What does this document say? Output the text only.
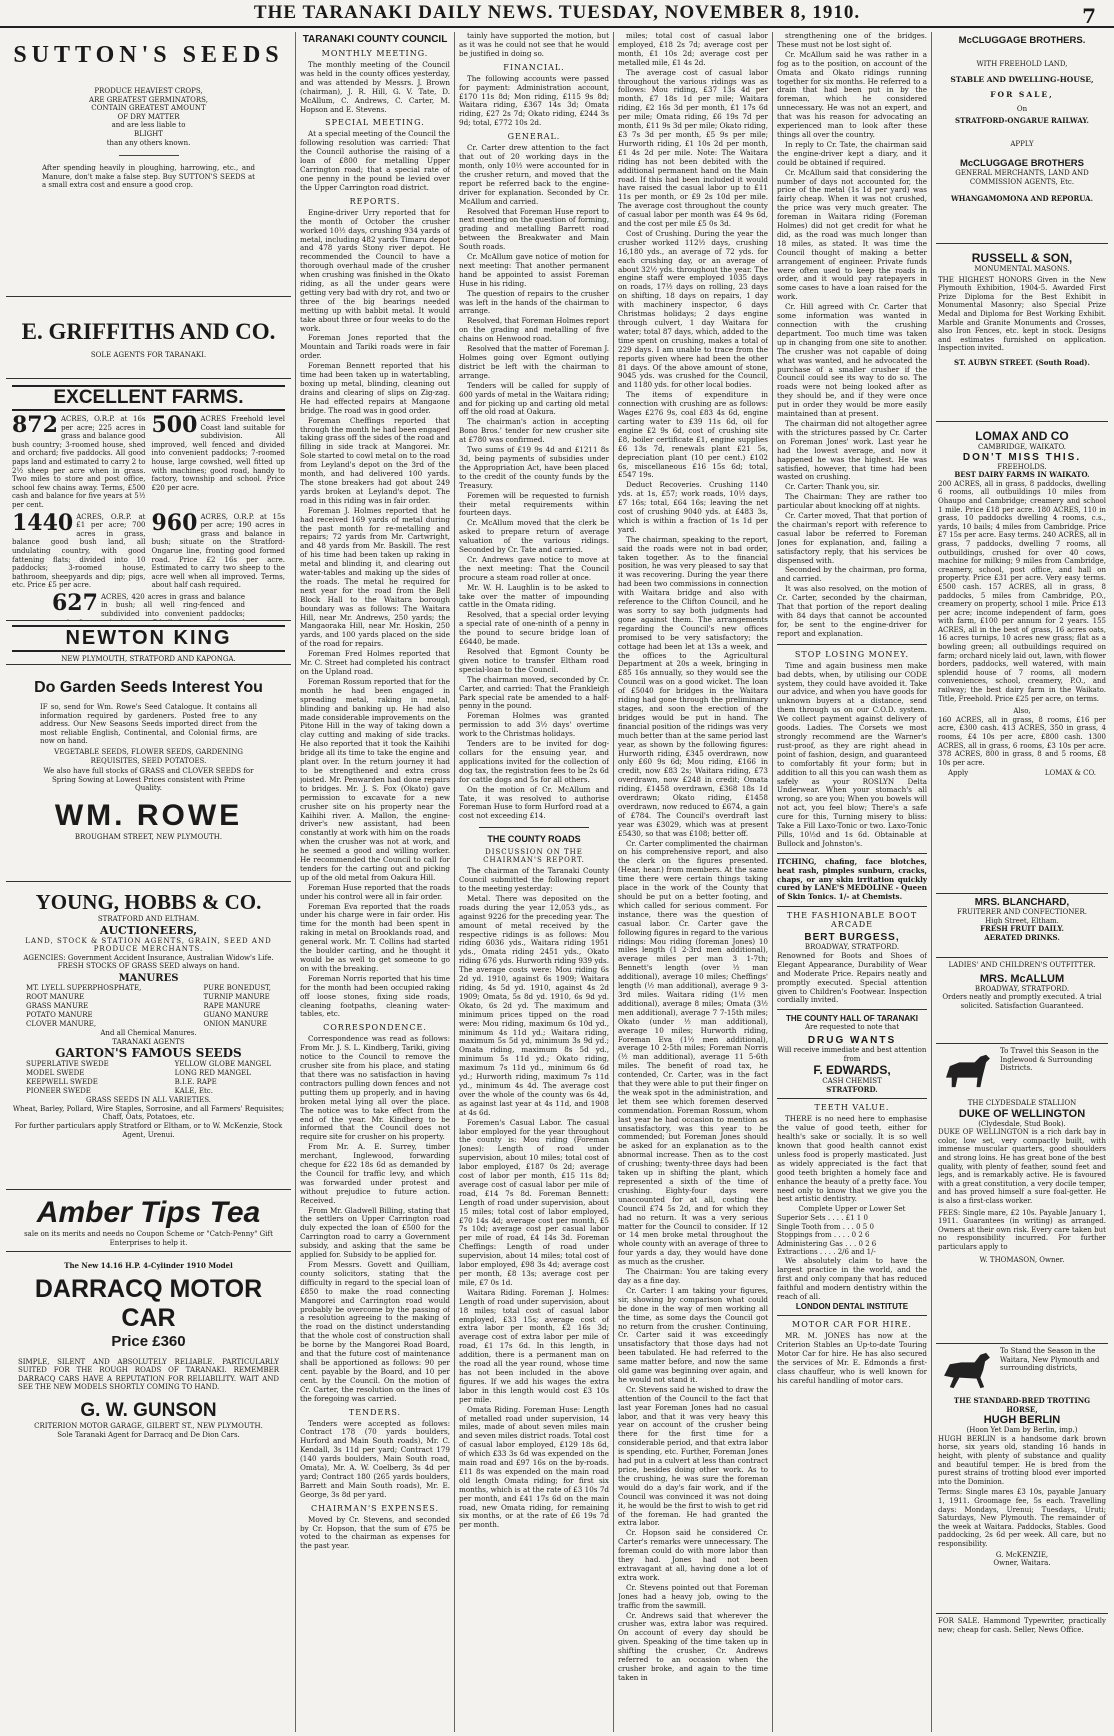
THE TARANAKI DAILY NEWS. TUESDAY, NOVEMBER 8, 1910.	7
SUTTON'S SEEDS
PRODUCE HEAVIEST CROPS,
ARE GREATEST GERMINATORS,
CONTAIN GREATEST AMOUNT
OF DRY MATTER
and are less liable to
BLIGHT
than any others known.
After spending heavily in ploughing, harrowing, etc., and Manure, don't make a false step. Buy SUTTON'S SEEDS at a small extra cost and ensure a good crop.
E. GRIFFITHS AND CO.
SOLE AGENTS FOR TARANAKI.
EXCELLENT FARMS.
872 ACRES, O.R.P. at 16s per acre; 225 acres in grass and balance good bush country; 3-roomed house, shed and orchard; five paddocks. All good paps land and estimated to carry 2 to 2½ sheep per acre when in grass. Two miles to store and post office, school few chains away. Terms, £500 cash and balance for five years at 5½ per cent.
500 ACRES Freehold level Coast land suitable for subdivision. All improved, well fenced and divided into convenient paddocks; 7-roomed house, large cowshed, well fitted up with machines; good road, handy to factory, township and school. Price £20 per acre.
1440 ACRES, O.R.P. at £1 per acre; 700 acres in grass, balance good bush land, all undulating country, with good fattening flats; divided into 10 paddocks; 3-roomed house, bathroom, sheepyards and dip; pigs, etc. Price £5 per acre.
960 ACRES, O.R.P. at 15s per acre; 190 acres in grass and balance in bush; situate on the Stratford-Ongarue line, fronting good formed road. Price £2 16s per acre. Estimated to carry two sheep to the acre well when all improved. Terms, about half cash required.
627 ACRES, 420 acres in grass and balance in bush; all well ring-fenced and subdivided into convenient paddocks;
NEWTON KING
NEW PLYMOUTH, STRATFORD AND KAPONGA.
Do Garden Seeds Interest You
IF so, send for Wm. Rowe's Seed Catalogue. It contains all information required by gardeners. Posted free to any address. Our New Seasons Seeds imported direct from the most reliable English, Continental, and Colonial firms, are now on hand.
VEGETABLE SEEDS, FLOWER SEEDS, GARDENING REQUISITES, SEED POTATOES.
We also have full stocks of GRASS and CLOVER SEEDS for Spring Sowing at Lowest Prices consistent with Prime Quality.
WM. ROWE
BROUGHAM STREET, NEW PLYMOUTH.
YOUNG, HOBBS & CO.
STRATFORD AND ELTHAM.
AUCTIONEERS,
LAND, STOCK & STATION AGENTS, GRAIN, SEED AND PRODUCE MERCHANTS.
AGENCIES: Government Accident Insurance, Australian Widow's Life.
FRESH STOCKS OF GRASS SEED always on hand.
MANURES
MT. LYELL SUPERPHOSPHATE,
ROOT MANURE
GRASS MANURE
POTATO MANURE
CLOVER MANURE,
PURE BONEDUST,
TURNIP MANURE
RAPE MANURE
GUANO MANURE
ONION MANURE
And all Chemical Manures.
TARANAKI AGENTS
GARTON'S FAMOUS SEEDS
SUPERLATIVE SWEDE
MODEL SWEDE
KEEPWELL SWEDE
PIONEER SWEDE
YELLOW GLOBE MANGEL
LONG RED MANGEL
B.I.E. RAPE
KALE, Etc.
GRASS SEEDS IN ALL VARIETIES.
Wheat, Barley, Pollard, Wire Staples, Sorrosine, and all Farmers' Requisites; Chaff, Oats, Potatoes, etc.
For further particulars apply Stratford or Eltham, or to W. McKenzie, Stock Agent, Urenui.
Amber Tips Tea
sale on its merits and needs no Coupon Scheme or "Catch-Penny" Gift Enterprises to help it.
The New 14.16 H.P. 4-Cylinder 1910 Model
DARRACQ MOTOR CAR
Price £360
SIMPLE, SILENT AND ABSOLUTELY RELIABLE. PARTICULARLY SUITED FOR THE ROUGH ROADS OF TARANAKI. REMEMBER DARRACQ CARS HAVE A REPUTATION FOR RELIABILITY. WAIT AND SEE THE NEW MODELS SHORTLY COMING TO HAND.
G. W. GUNSON
CRITERION MOTOR GARAGE, GILBERT ST., NEW PLYMOUTH.
Sole Taranaki Agent for Darracq and De Dion Cars.
TARANAKI COUNTY COUNCIL
MONTHLY MEETING.

The monthly meeting of the Council was held in the county offices yesterday, and was attended by Messrs. J. Brown (chairman), J. R. Hill, G. V. Tate, D. McAllum, C. Andrews, C. Carter, M. Hopson and E. Stevens.

SPECIAL MEETING.

At a special meeting of the Council the following resolution was carried: That the Council authorise the raising of a loan of £800 for metalling Upper Carrington road; that a special rate of one penny in the pound be levied over the Upper Carrington road district.

REPORTS.

Engine-driver Urry reported that for the month of October the crusher worked 10½ days, crushing 934 yards of metal, including 482 yards Timaru depot and 478 yards Stony river depot. He recommended the Council to have a thorough overhaul made of the crusher when crushing was finished in the Okato riding, as all the under gears were getting very bad with dry rot, and two or three of the big bearings needed metting up with babbit metal. It would take about three or four weeks to do the work.

Foreman Jones reported that the Mountain and Tariki roads were in fair order.

Foreman Bennett reported that his time had been taken up in watertabling, boxing up metal, blinding, cleaning out drains and clearing of slips on Zig-zag. He had effected repairs at Mangaone bridge. The road was in good order.

Foreman Cheffings reported that through the month he had been engaged taking grass off the sides of the road and filling in side track at Mangorei. Mr. Sole started to cowl metal on to the road from Leyland's depot on the 3rd of the month, and had delivered 100 yards. The stone breakers had got about 249 yards broken at Leyland's depot. The road in this riding was in fair order.

Foreman J. Holmes reported that he had received 169 yards of metal during the past month for re-metalling and repairs; 72 yards from Mr. Cartwright, and 48 yards from Mr. Baskill. The rest of his time had been taken up raking in metal and blinding it, and clearing out water-tables and making up the sides of the roads. The metal he required for next year for the road from the Bell Block Hall to the Waitara borough boundary was as follows: The Waitara Hill, near Mr. Andrews, 250 yards; the Mangaoraka Hill, near Mr. Hoskin, 250 yards, and 100 yards placed on the side of the road for repairs.

Foreman Fred Holmes reported that Mr. C. Street had completed his contract on the Upland road.

Foreman Rossum reported that for the month he had been engaged in spreading metal, raking in metal, blinding and banking up. He had also made considerable improvements on the Pitone Hill in the way of taking down a clay cutting and making of side tracks. He also reported that it took the Kaihihi bridge all its time to take the engine and plant over. In the return journey it had to be strengthened and extra cross joisted. Mr. Penwarden had done repairs to bridges. Mr. J. S. Fox (Okato) gave permission to excavate for a new crusher site on his property near the Kaihihi river. A. Mallon, the engine-driver's new assistant, had been constantly at work with him on the roads when the crusher was not at work, and he seemed a good and willing worker. He recommended the Council to call for tenders for the carting out and picking up of the old metal from Oakura Hill.

Foreman Huse reported that the roads under his control were all in fair order.

Foreman Eva reported that the roads under his charge were in fair order. His time for the month had been spent in raking in metal on Brooklands road, and general work. Mr. T. Collins had started the boulder carting, and he thought it would be as well to get someone to go on with the breaking.

Foreman Norris reported that his time for the month had been occupied raking off loose stones, fixing side roads, cleaning footpaths, cleaning water-tables, etc.

CORRESPONDENCE.

Correspondence was read as follows: From Mr. J. S. L. Kindberg, Tariki, giving notice to the Council to remove the crusher site from his place, and stating that there was no satisfaction in having contractors pulling down fences and not putting them up properly, and in having broken metal lying all over the place. The notice was to take effect from the end of the year. Mr. Kindberg to be informed that the Council does not require site for crusher on his property.

From Mr. A. E. Surrey, timber merchant, Inglewood, forwarding cheque for £22 18s 6d as demanded by the Council for traffic levy, and which was forwarded under protest and without prejudice to future action. Received.

From Mr. Gladwell Billing, stating that the settlers on Upper Carrington road duly expected the loan of £500 for the Carrington road to carry a Government subsidy, and asking that the same be applied for. Subsidy to be applied for.

From Messrs. Govett and Quilliam, county solicitors, stating that the difficulty in regard to the special loan of £850 to make the road connecting Mangorei and Carrington road would probably be overcome by the passing of a resolution agreeing to the making of the road on the distinct understanding that the whole cost of construction shall be borne by the Mangorei Road Board, and that the future cost of maintenance shall be apportioned as follows: 90 per cent. payable by the Board, and 10 per cent. by the Council. On the motion of Cr. Carter, the resolution on the lines of the foregoing was carried.

TENDERS.

Tenders were accepted as follows: Contract 178 (70 yards boulders, Hurford and Main South roads), Mr. C. Kendall, 3s 11d per yard; Contract 179 (140 yards boulders, Main South road, Omata), Mr. A. W. Coelberg, 3s 4d per yard; Contract 180 (265 yards boulders, Barrett and Main South roads), Mr. E. George, 3s 8d per yard.

CHAIRMAN'S EXPENSES.

Moved by Cr. Stevens, and seconded by Cr. Hopson, that the sum of £75 be voted to the chairman as expenses for the past year.

tainly have supported the motion, but as it was he could not see that he would be justified in doing so.

FINANCIAL.

The following accounts were passed for payment: Administration account, £170 11s 8d; Mon riding, £115 9s 8d; Waitara riding, £367 14s 3d; Omata riding, £27 2s 7d; Okato riding, £244 3s 9d; total, £772 10s 2d.

GENERAL.

Cr. Carter drew attention to the fact that out of 20 working days in the month, only 10½ were accounted for in the crusher return, and moved that the report be referred back to the engine-driver for explanation. Seconded by Cr. McAllum and carried.

Resolved that Foreman Huse report to next meeting on the question of forming, grading and metalling Barrett road between the Breakwater and Main South roads.

Cr. McAllum gave notice of motion for next meeting: That another permanent hand be appointed to assist Foreman Huse in his riding.

The question of repairs to the crusher was left in the hands of the chairman to arrange.

Resolved, that Foreman Holmes report on the grading and metalling of five chains on Henwood road.

Resolved that the matter of Foreman J. Holmes going over Egmont outlying district be left with the chairman to arrange.

Tenders will be called for supply of 600 yards of metal in the Waitara riding; and for picking up and carting old metal off the old road at Oakura.

The chairman's action in accepting Bono Bros.' tender for new crusher site at £780 was confirmed.

Two sums of £19 9s 4d and £1211 8s 3d, being payments of subsidies under the Appropriation Act, have been placed to the credit of the county funds by the Treasury.

Foremen will be requested to furnish their metal requirements within fourteen days.

Cr. McAllum moved that the clerk be asked to prepare return of average valuation of the various ridings. Seconded by Cr. Tate and carried.

Cr. Andrews gave notice to move at the next meeting: That the Council procure a steam road roller at once.

Mr. W. H. Laughlin is to be asked to take over the matter of impounding cattle in the Omata riding.

Resolved, that a special order levying a special rate of one-ninth of a penny in the pound to secure bridge loan of £6440, be made.

Resolved that Egmont County be given notice to transfer Eltham road special-loan to the Council.

The chairman moved, seconded by Cr. Carter, and carried: That the Frankleigh Park special rate be amended to a half-penny in the pound.

Foreman Holmes was granted permission to add 3½ days' overtime work to the Christmas holidays.

Tenders are to be invited for dog-collars for the ensuing year, and applications invited for the collection of dog tax, the registration fees to be 2s 6d for cattle dogs and 5s for all others.

On the motion of Cr. McAllum and Tate, it was resolved to authorise Foreman Huse to form Hurford road at a cost not exceeding £14.

THE COUNTY ROADS
DISCUSSION ON THE CHAIRMAN'S REPORT.

The chairman of the Taranaki County Council submitted the following report to the meeting yesterday:

Metal. There was deposited on the roads during the year 12,053 yds., as against 9226 for the preceding year. The amount of metal received by the respective ridings is as follows: Mou riding 6036 yds., Waitara riding 1951 yds., Omata riding 2451 yds., Okato riding 676 yds. Hurworth riding 939 yds. The average costs were: Mou riding 6s 2d yd. 1910, against 6s 1909; Waitara riding, 4s 5d yd. 1910, against 4s 2d 1909; Omata, 5s 8d yd. 1910, 6s 9d yd. Okato, 6s 2d yd. The maximum and minimum prices tipped on the road were: Mou riding, maximum 6s 10d yd., minimum 4s 11d yd.; Waitara riding, maximum 5s 5d yd, minimum 3s 9d yd.; Omata riding, maximum 8s 5d yd., minimum 5s 11d yd.; Okato riding, maximum 7s 11d yd., minimum 6s 6d yd.; Hurworth riding, maximum 7s 11d yd., minimum 4s 4d. The average cost over the whole of the county was 6s 4d, as against last year at 4s 11d, and 1908 at 4s 6d.

Foremen's Casual Labor. The casual labor employed for the year throughout the county is: Mou riding (Foreman Jones): Length of road under supervision, about 10 miles; total cost of labor employed, £187 0s 2d; average cost of labor per month, £15 11s 8d; average cost of casual labor per mile of road, £14 7s 8d. Foreman Bennett: Length of road under supervision, about 15 miles; total cost of labor employed, £70 14s 4d; average cost per month, £5 7s 10d; average cost per casual labor per mile of road, £4 14s 3d. Foreman Cheffings: Length of road under supervision, about 14 miles; total cost of labor employed, £98 3s 4d; average cost per month, £8 13s; average cost per mile, £7 0s 1d.

Waitara Riding. Foreman J. Holmes: Length of road under supervision, about 18 miles; total cost of casual labor employed, £33 15s; average cost of extra labor per month, £2 16s 3d; average cost of extra labor per mile of road, £1 17s 6d. In this length, in addition, there is a permanent man on the road all the year round, whose time has not been included in the above figures. If we add his wages the extra labor in this length would cost £3 10s per mile.

Omata Riding. Foreman Huse: Length of metalled road under supervision, 14 miles, made of about seven miles main and seven miles district roads. Total cost of casual labor employed, £129 18s 6d, of which £33 3s 6d was expended on the main road and £97 16s on the by-roads. £11 8s was expended on the main road old length Omata riding; for first six months, which is at the rate of £3 10s 7d per month, and £41 17s 6d on the main road, new Omata riding, for remaining six months, or at the rate of £6 19s 7d per month.

miles; total cost of casual labor employed, £18 2s 7d; average cost per month, £1 10s 2d; average cost per metalled mile, £1 4s 2d.

The average cost of casual labor throughout the various ridings was as follows: Mou riding, £37 13s 4d per month, £7 18s 1d per mile; Waitara riding, £2 16s 3d per month, £1 17s 6d per mile; Omata riding, £6 19s 7d per month, £11 9s 3d per mile; Okato riding, £3 7s 3d per month, £5 9s per mile; Hurworth riding, £1 10s 2d per month, £1 4s 2d per mile. Note: The Waitara riding has not been debited with the additional permanent hand on the Main road. If this had been included it would have raised the casual labor up to £11 11s per month, or £9 2s 10d per mile. The average cost throughout the county of casual labor per month was £4 9s 6d, and the cost per mile £5 0s 3d.

Cost of Crushing. During the year the crusher worked 112½ days, crushing 16,180 yds., an average of 72 yds. for each crushing day, or an average of about 32½ yds. throughout the year. The engine staff were employed 1035 days on roads, 17½ days on rolling, 23 days on shifting, 18 days on repairs, 1 day with machinery inspector, 6 days Christmas holidays; 2 days engine through culvert, 1 day Waitara for water; total 87 days, which, added to the time spent on crushing, makes a total of 229 days. I am unable to trace from the reports given where had been the other 81 days. Of the above amount of stone, 9045 yds. was crushed for the Council, and 1180 yds. for other local bodies.

The items of expenditure in connection with crushing are as follows: Wages £276 9s, coal £83 4s 6d, engine carting water to £39 11s 6d, oil for engine £2 9s 6d, cost of crushing site £8, boiler certificate £1, engine supplies £6 13s 7d, renewals plant £21 5s, depreciation plant (10 per cent.) £102 6s, miscellaneous £16 15s 6d; total, £547 19s.

Deduct Recoveries. Crushing 1140 yds. at 1s, £57; work roads, 10½ days, £7 16s; total, £64 16s; leaving the net cost of crushing 9040 yds. at £483 3s, which is within a fraction of 1s 1d per yard.

The chairman, speaking to the report, said the roads were not in bad order, taken together. As to the financial position, he was very pleased to say that it was recovering. During the year there had been two commissions in connection with Waitara bridge and also with reference to the Clifton Council, and he was sorry to say both judgments had gone against them. The arrangements regarding the Council's new offices promised to be very satisfactory; the cottage had been let at 13s a week, and the offices to the Agricultural Department at 20s a week, bringing in £85 16s annually, so they would see the Council was on a good wicket. The loan of £5040 for bridges in the Waitara riding had gone through the preliminary stages, and soon the erection of the bridges would be put in hand. The financial position of the ridings was very much better than at the same period last year, as shown by the following figures: Hurworth riding, £345 overdrawn, now only £60 9s 6d; Mou riding, £166 in credit, now £83 2s; Waitara riding, £73 overdrawn, now £248 in credit; Omata riding, £1458 overdrawn, £368 18s 1d overdrawn; Okato riding, £1458 overdrawn, now reduced to £674, a gain of £784. The Council's overdraft last year was £3029, which was at present £5430, so that was £108; better off.

Cr. Carter complimented the chairman on his comprehensive report, and also the clerk on the figures presented. (Hear, hear.) from members. At the same time there were certain things taking place in the work of the County that should be put on a better footing, and which called for serious comment. For instance, there was the question of casual labor. Cr. Carter gave the following figures in regard to the various ridings: Mou riding (foreman Jones) 10 miles length (1 2-3rd men additional), average miles per man 3 1-7th; Bennett's length (over ½ man additional), average 10 miles; Cheffings' length (½ man additional), average 9 3-3rd miles. Waitara riding (1½ men additional), average 8 miles; Omata (3½ men additional), average 7 7-15th miles; Okato (under ½ man additional), average 10 miles; Hurworth riding, Foreman Eva (1½ men additional), average 10 2-5th miles; Foreman Norris (½ man additional), average 11 5-6th miles. The benefit of road tax, he contended, Cr. Carter, was in the fact that they were able to put their finger on the weak spot in the administration, and let them see which foremen deserved commendation. Foreman Rossum, whom last year he had occasion to mention as unsatisfactory, was this year to be commended; but Foreman Jones should be asked for an explanation as to the abnormal increase. Then as to the cost of crushing; twenty-three days had been taken up in shifting the plant, which represented a sixth of the time of crushing. Eighty-four days were unaccounted for at all, costing the Council £74 5s 2d, and for which they had no return. It was a very serious matter for the Council to consider. If 12 or 14 men broke metal throughout the whole county with an average of three to four yards a day, they would have done as much as the crusher.

The Chairman: You are taking every day as a fine day.

Cr. Carter: I am taking your figures, sir, showing by comparison what could be done in the way of men working all the time, as some days the Council got no return from the crusher. Continuing, Cr. Carter said it was exceedingly unsatisfactory that those days had not been tabulated. He had referred to the same matter before, and now the same old game was beginning over again, and he would not stand it.

Cr. Stevens said he wished to draw the attention of the Council to the fact that last year Foreman Jones had no casual labor, and that it was very heavy this year on account of the crusher being there for the first time for a considerable period, and that extra labor is spending, etc. Further, Foreman Jones had put in a culvert at less than contract price, besides doing other work. As to the crushing, he was sure the foreman would do a day's fair work, and if the Council was convinced it was not doing it, he would be the first to wish to get rid of the foreman. He had granted the extra labor.

Cr. Hopson said he considered Cr. Carter's remarks were unnecessary. The foreman could do with more labor than they had. Jones had not been extravagant at all, having done a lot of extra work.

Cr. Stevens pointed out that Foreman Jones had a heavy job, owing to the traffic from the sawmill.

Cr. Andrews said that wherever the crusher was, extra labor was required. On account of every day should be given. Speaking of the time taken up in shifting the crusher, Cr. Andrews referred to an occasion when the crusher broke, and again to the time taken in

strengthening one of the bridges. These must not be lost sight of.

Cr. McAllum said he was rather in a fog as to the position, on account of the Omata and Okato ridings running together for six months. He referred to a drain that had been put in by the foreman, which he considered unnecessary. He was not an expert, and that was his reason for advocating an experienced man to look after these things all over the country.

In reply to Cr. Tate, the chairman said the engine-driver kept a diary, and it could be obtained if required.

Cr. McAllum said that considering the number of days not accounted for, the price of the metal (1s 1d per yard) was fairly cheap. When it was not crushed, the price was very much greater. The foreman in Waitara riding (Foreman Holmes) did not get credit for what he did, as the road was much longer than 18 miles, as stated. It was time the Council thought of making a better arrangement of engineer. Private funds were often used to keep the roads in order, and it would pay ratepayers in some cases to have a loan raised for the work.

Cr. Hill agreed with Cr. Carter that some information was wanted in connection with the crushing department. Too much time was taken up in changing from one site to another. The crusher was not capable of doing what was wanted, and he advocated the purchase of a smaller crusher if the Council could see its way to do so. The roads were not being looked after as they should be, and if they were once put in order they would be more easily maintained than at present.

The chairman did not altogether agree with the strictures passed by Cr. Carter on Foreman Jones' work. Last year he had the lowest average, and now it happened he was the highest. He was satisfied, however, that time had been wasted on crushing.

Cr. Carter: Thank you, sir.

The Chairman: They are rather too particular about knocking off at nights.

Cr. Carter moved, That that portion of the chairman's report with reference to casual labor be referred to Foreman Jones for explanation, and, failing a satisfactory reply, that his services be dispensed with.

Seconded by the chairman, pro forma, and carried.

It was also resolved, on the motion of Cr. Carter, seconded by the chairman, That that portion of the report dealing with 84 days that cannot be accounted for, be sent to the engine-driver for report and explanation.

STOP LOSING MONEY.

Time and again business men make bad debts, when, by utilising our CODE system, they could have avoided it. Take our advice, and when you have goods for unknown buyers at a distance, send them through us on our C.O.D. system. We collect payment against delivery of goods. Ladies. The Corsets we most strongly recommend are the Warner's rust-proof, as they are right ahead in point of fashion, design, and guaranteed to comfortably fit your form; but in addition to all this you can wash them as safely as your ROSLYN Delta Underwear. When your stomach's all wrong, so are you; When you bowels will not act, you feel blow; There's a safe cure for this, Turning misery to bliss: Take a Fill Laxo-Tonic or two. Laxo-Tonic Pills, 10½d and 1s 6d. Obtainable at Bullock and Johnston's.

ITCHING, chafing, face blotches, heat rash, pimples sunburn, cracks, chaps, or any skin irritation quickly cured by LANE'S MEDOLINE - Queen of Skin Tonics. 1/- at Chemists.

THE FASHIONABLE BOOT ARCADE
BERT BURGESS,
BROADWAY, STRATFORD.

Renowned for Boots and Shoes of Elegant Appearance, Durability of Wear and Moderate Price. Repairs neatly and promptly executed. Special attention given to Children's Footwear. Inspection cordially invited.

THE COUNTY HALL OF TARANAKI
Are requested to note that
DRUG WANTS
Will receive immediate and best attention from
F. EDWARDS,
CASH CHEMIST
STRATFORD.
TEETH VALUE.

THERE is no need here to emphasise the value of good teeth, either for health's sake or socially. It is so well known that good health cannot exist unless food is properly masticated. Just as widely appreciated is the fact that good teeth brighten a homely face and enhance the beauty of a pretty face. You need only to know that we give you the best artistic dentistry.

Complete Upper or Lower Set
Superior Sets . . . . £1 1 0
Single Tooth from . . . 0 5 0
Stoppings from . . . . 0 2 6
Administering Gas . . . 0 2 6
Extractions . . . . 2/6 and 1/-

We absolutely claim to have the largest practice in the world, and the first and only company that has reduced faithful and modern dentistry within the reach of all.

LONDON DENTAL INSTITUTE
MOTOR CAR FOR HIRE.

MR. M. JONES has now at the Criterion Stables an Up-to-date Touring Motor Car for hire. He has also secured the services of Mr. E. Edmonds a first-class chauffeur, who is well known for his careful handling of motor cars.

McCLUGGAGE BROTHERS.
WITH FREEHOLD LAND,
STABLE AND DWELLING-HOUSE,
FOR SALE,
On
STRATFORD-ONGARUE RAILWAY.
APPLY
McCLUGGAGE BROTHERS
GENERAL MERCHANTS, LAND AND COMMISSION AGENTS, Etc.
WHANGAMOMONA AND REPORUA.
RUSSELL & SON,
MONUMENTAL MASONS.

THE HIGHEST HONORS Given in the New Plymouth Exhibition, 1904-5. Awarded First Prize Diploma for the Best Exhibit in Monumental Masonry; also Special Prize Medal and Diploma for Best Working Exhibit. Marble and Granite Monuments and Crosses, also Iron Fences, etc. kept in stock. Designs and estimates furnished on application. Inspection invited.

ST. AUBYN STREET. (South Road).
LOMAX AND CO
CAMBRIDGE, WAIKATO.
DON'T MISS THIS.
FREEHOLDS.
BEST DAIRY FARMS IN WAIKATO.

200 ACRES, all in grass, 8 paddocks, dwelling 6 rooms, all outbuildings 10 miles from Ohaupo and Cambridge; creamery and school 1 mile. Price £18 per acre. 180 ACRES, 110 in grass, 10 paddocks dwelling 4 rooms, c.s., yards, 10 bails; 4 miles from Cambridge. Price £7 15s per acre. Easy terms. 240 ACRES, all in grass, 7 paddocks, dwelling 7 rooms, all outbuildings, crushed for over 40 cows, machine for milking; 9 miles from Cambridge, creamery, school, post office, and hall on property. Price £31 per acre. Very easy terms. £500 cash. 157 ACRES, all in grass, 8 paddocks, 5 miles from Cambridge, P.O., creamery on property, school 1 mile. Price £13 per acre; income independent of farm, goes with farm, £100 per annum for 2 years. 155 ACRES, all in the best of grass, 16 acres oats, 16 acres turnips, 10 acres new grass; flat as a bowling green; all outbuildings required on farm; orchard nicely laid out, lawn, with flower borders, paddocks, well watered, with main splendid house of 7 rooms, all modern conveniences, school, creamery, P.O., and railway; the best dairy farm in the Waikato. Title, Freehold. Price £25 per acre, on terms.

Also,

160 ACRES, all in grass, 8 rooms, £16 per acre, £300 cash. 413 ACRES, 350 in grass, 4 rooms, £4 10s per acre, £800 cash. 1300 ACRES, all in grass, 6 rooms, £3 10s per acre. 378 ACRES, 800 in grass, 8 and 5 rooms, £8 10s per acre.

Apply	LOMAX & CO.
MRS. BLANCHARD,
FRUITERER AND CONFECTIONER.
High Street, Eltham.
FRESH FRUIT DAILY.
AERATED DRINKS.
LADIES' AND CHILDREN'S OUTFITTER.
MRS. McALLUM
BROADWAY, STRATFORD.
Orders neatly and promptly executed. A trial solicited. Satisfaction Guaranteed.
To Travel this Season in the Inglewood & Surrounding Districts.
THE CLYDESDALE STALLION
DUKE OF WELLINGTON
(Clydesdale, Stud Book).

DUKE OF WELLINGTON is a rich dark bay in color, low set, very compactly built, with immense muscular quarters, good shoulders and strong loins. He has great bone of the best quality, with plenty of feather, sound feet and legs, and is remarkably active. He is favoured with a great constitution, a very docile temper, and has proved himself a sure foal-getter. He is also a first-class worker.

FEES: Single mare, £2 10s. Payable January 1, 1911. Guarantees (in writing) as arranged. Owners at their own risk. Every care taken but no responsibility incurred. For further particulars apply to

W. THOMASON, Owner.
To Stand the Season in the Waitara, New Plymouth and surrounding districts,
THE STANDARD-BRED TROTTING HORSE,
HUGH BERLIN
(Hoon Yet Dam by Berlin, imp.)

HUGH BERLIN is a handsome dark brown horse, six years old, standing 16 hands in height, with plenty of substance and quality and beautiful temper. He is bred from the purest strains of trotting blood ever imported into the Dominion.

Terms: Single mares £3 10s, payable January 1, 1911. Groomage fee, 5s each. Travelling days: Mondays, Urenui; Tuesdays, Uruti; Saturdays, New Plymouth. The remainder of the week at Waitara. Paddocks, Stables. Good paddocking, 2s 6d per week. All care, but no responsibility.

G. McKENZIE,
Owner, Waitara.

FOR SALE. Hammond Typewriter, practically new; cheap for cash. Seller, News Office.
